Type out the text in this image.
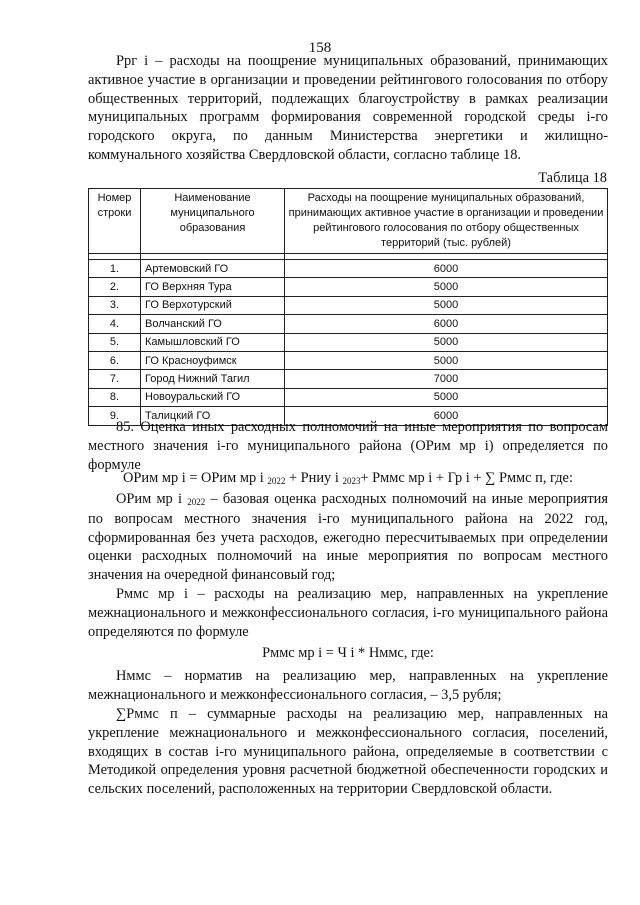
158

Ррг i – расходы на поощрение муниципальных образований, принимающих активное участие в организации и проведении рейтингового голосования по отбору общественных территорий, подлежащих благоустройству в рамках реализации муниципальных программ формирования современной городской среды i-го городского округа, по данным Министерства энергетики и жилищно-коммунального хозяйства Свердловской области, согласно таблице 18.

Таблица 18
Номер строки	Наименование муниципального образования	Расходы на поощрение муниципальных образований, принимающих активное участие в организации и проведении рейтингового голосования по отбору общественных территорий (тыс. рублей)

1.	Артемовский ГО	6000
2.	ГО Верхняя Тура	5000
3.	ГО Верхотурский	5000
4.	Волчанский ГО	6000
5.	Камышловский ГО	5000
6.	ГО Красноуфимск	5000
7.	Город Нижний Тагил	7000
8.	Новоуральский ГО	5000
9.	Талицкий ГО	6000

85. Оценка иных расходных полномочий на иные мероприятия по вопросам местного значения i-го муниципального района (ОРим мр i) определяется по формуле

ОРим мр i = ОРим мр i $_{2022}$ + Рниу i $_{2023}$+ Рммс мр i + Гр i + ∑ Рммс п, где:

ОРим мр i $_{2022}$ – базовая оценка расходных полномочий на иные мероприятия по вопросам местного значения i-го муниципального района на 2022 год, сформированная без учета расходов, ежегодно пересчитываемых при определении оценки расходных полномочий на иные мероприятия по вопросам местного значения на очередной финансовый год;

Рммс мр i – расходы на реализацию мер, направленных на укрепление межнационального и межконфессионального согласия, i-го муниципального района определяются по формуле

Рммс мр i = Ч i * Нммс, где:

Нммс – норматив на реализацию мер, направленных на укрепление межнационального и межконфессионального согласия, – 3,5 рубля;

∑Рммс п – суммарные расходы на реализацию мер, направленных на укрепление межнационального и межконфессионального согласия, поселений, входящих в состав i-го муниципального района, определяемые в соответствии с Методикой определения уровня расчетной бюджетной обеспеченности городских и сельских поселений, расположенных на территории Свердловской области.
